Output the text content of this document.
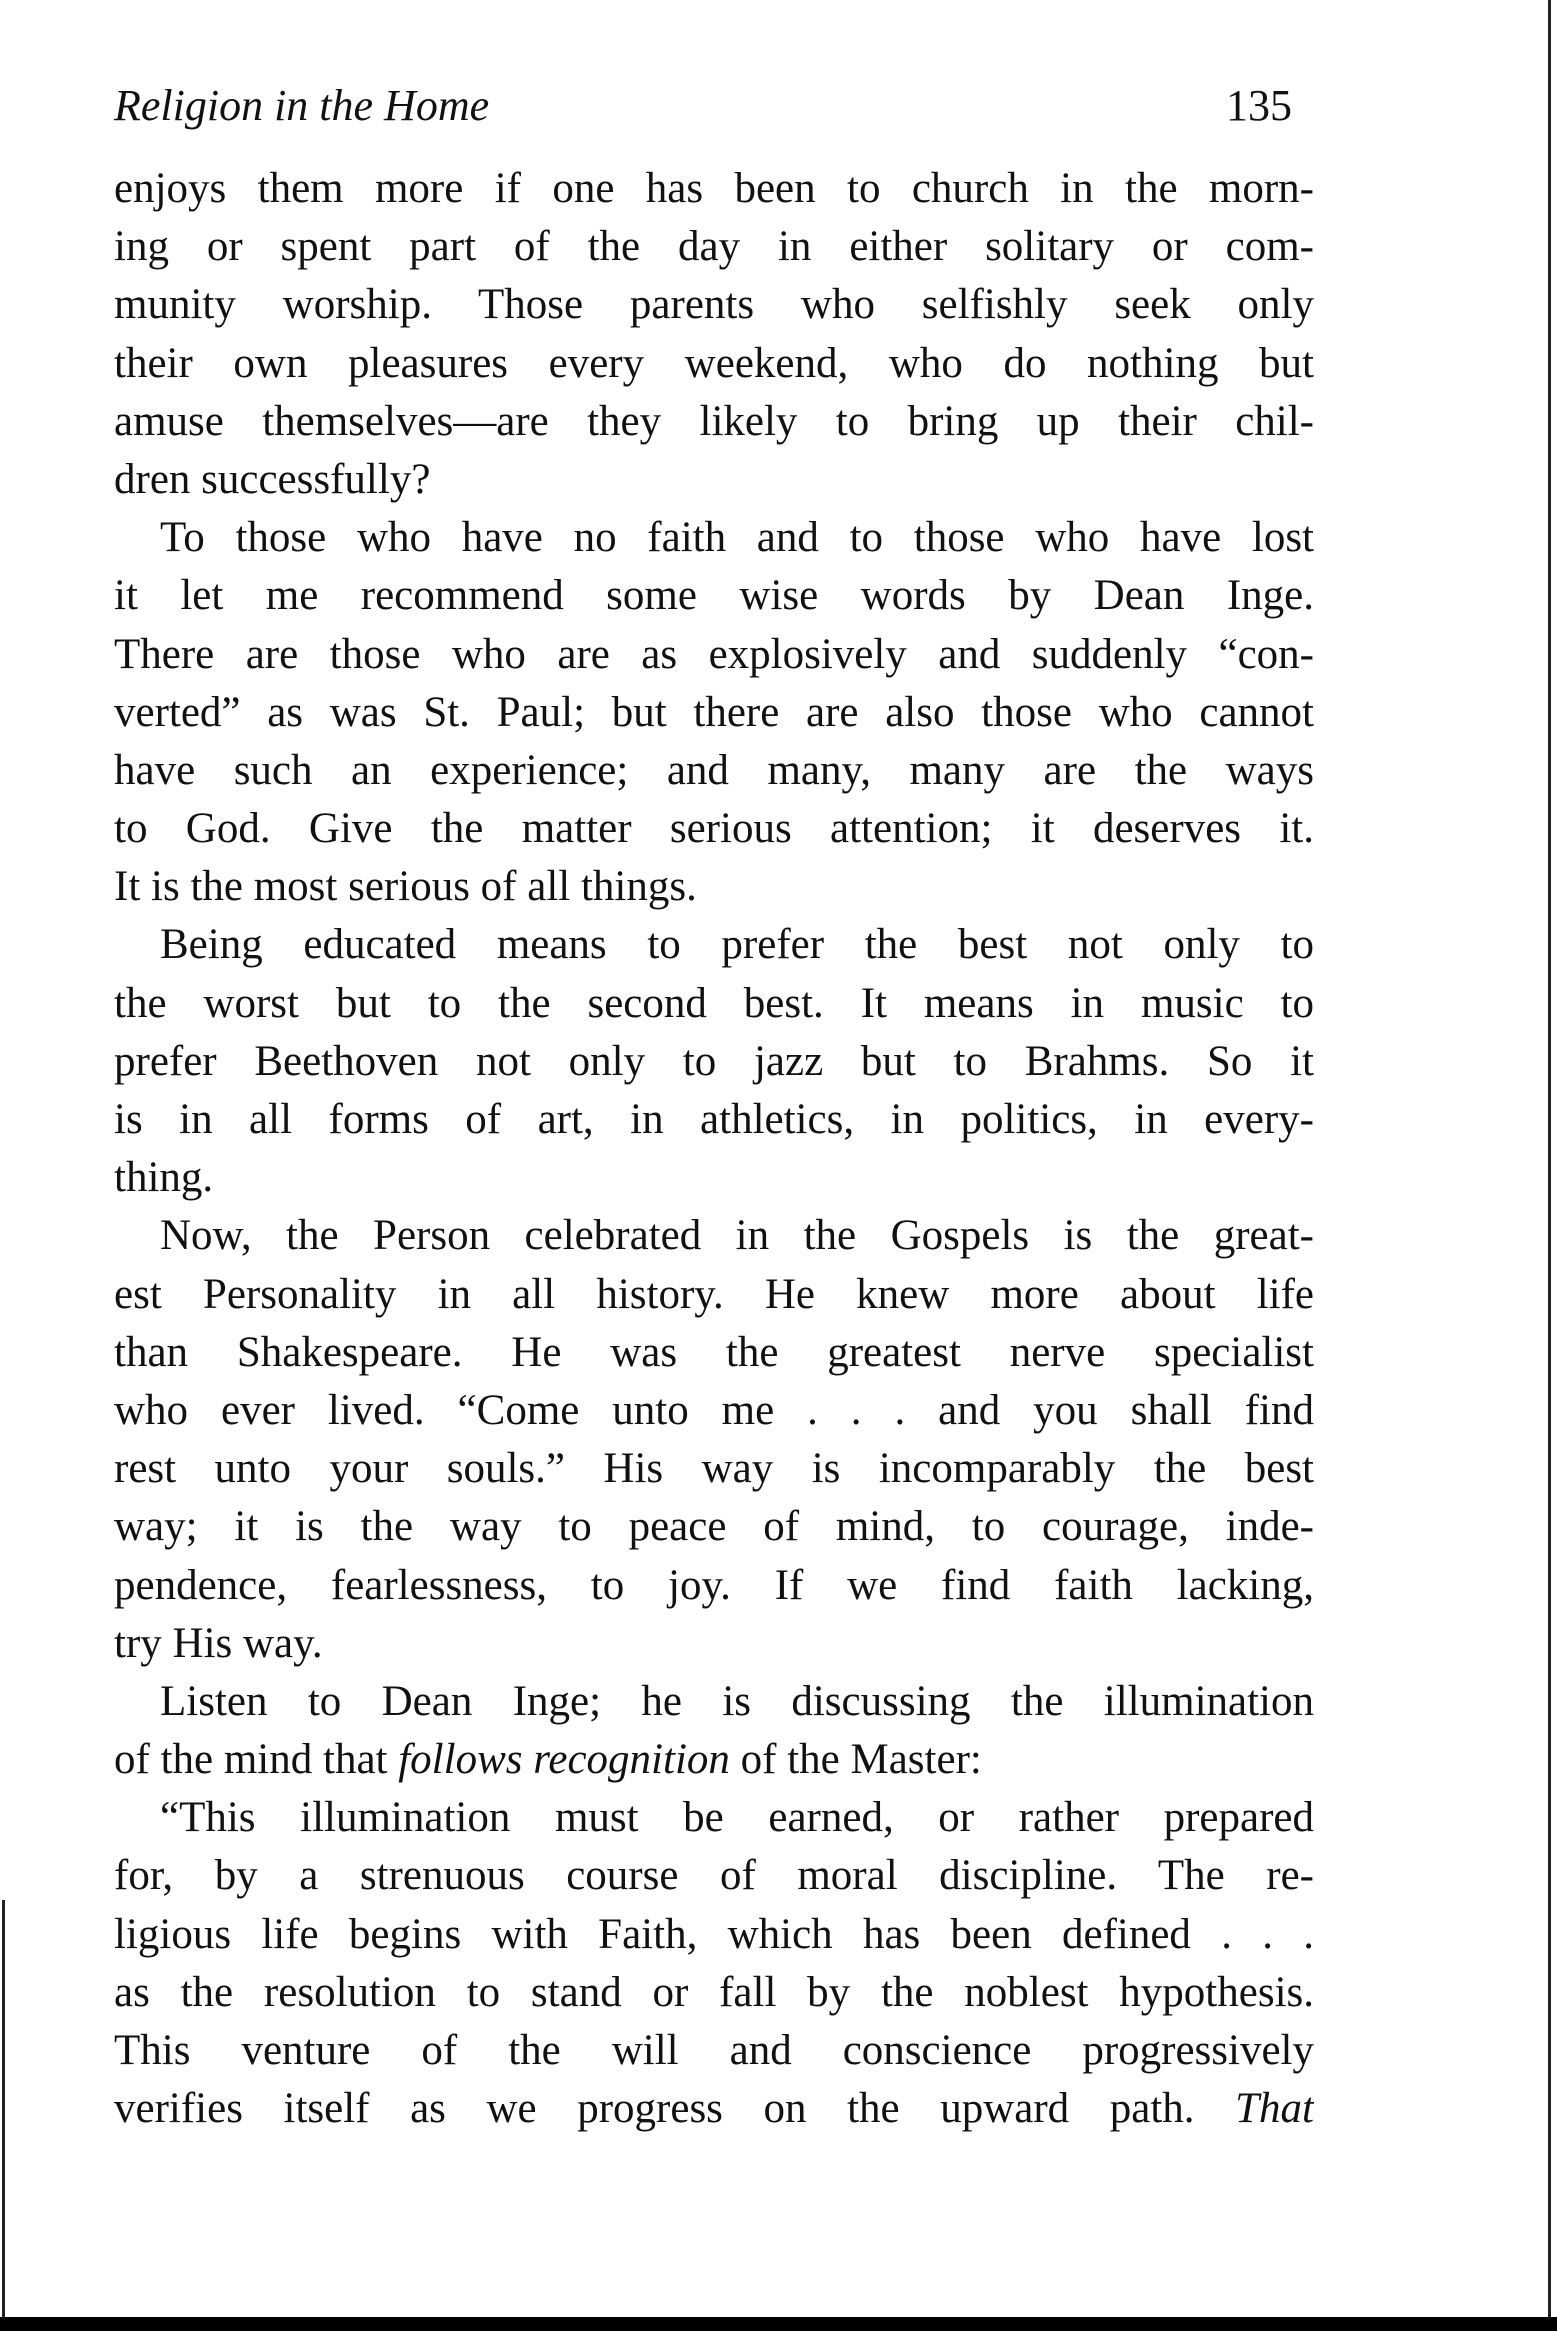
Religion in the Home	135
enjoys them more if one has been to church in the morn-
ing or spent part of the day in either solitary or com-
munity worship. Those parents who selfishly seek only
their own pleasures every weekend, who do nothing but
amuse themselves—are they likely to bring up their chil-
dren successfully?
To those who have no faith and to those who have lost
it let me recommend some wise words by Dean Inge.
There are those who are as explosively and suddenly “con-
verted” as was St. Paul; but there are also those who cannot
have such an experience; and many, many are the ways
to God. Give the matter serious attention; it deserves it.
It is the most serious of all things.
Being educated means to prefer the best not only to
the worst but to the second best. It means in music to
prefer Beethoven not only to jazz but to Brahms. So it
is in all forms of art, in athletics, in politics, in every-
thing.
Now, the Person celebrated in the Gospels is the great-
est Personality in all history. He knew more about life
than Shakespeare. He was the greatest nerve specialist
who ever lived. “Come unto me . . . and you shall find
rest unto your souls.” His way is incomparably the best
way; it is the way to peace of mind, to courage, inde-
pendence, fearlessness, to joy. If we find faith lacking,
try His way.
Listen to Dean Inge; he is discussing the illumination
of the mind that follows recognition of the Master:
“This illumination must be earned, or rather prepared
for, by a strenuous course of moral discipline. The re-
ligious life begins with Faith, which has been defined . . .
as the resolution to stand or fall by the noblest hypothesis.
This venture of the will and conscience progressively
verifies itself as we progress on the upward path. That
